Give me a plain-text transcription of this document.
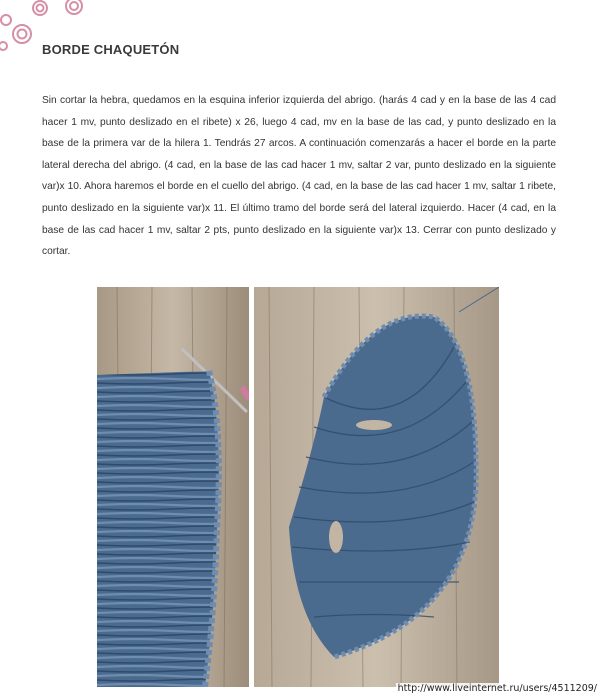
BORDE CHAQUETÓN

Sin cortar la hebra, quedamos en la esquina inferior izquierda del abrigo. (harás 4 cad y en la base de las 4 cad hacer 1 mv, punto deslizado en el ribete) x 26, luego 4 cad, mv en la base de las cad, y punto deslizado en la base de la primera var de la hilera 1. Tendrás 27 arcos. A continuación comenzarás a hacer el borde en la parte lateral derecha del abrigo. (4 cad, en la base de las cad hacer 1 mv, saltar 2 var, punto deslizado en la siguiente var)x 10. Ahora haremos el borde en el cuello del abrigo. (4 cad, en la base de las cad hacer 1 mv, saltar 1 ribete, punto deslizado en la siguiente var)x 11. El último tramo del borde será del lateral izquierdo. Hacer (4 cad, en la base de las cad hacer 1 mv, saltar 2 pts, punto deslizado en la siguiente var)x 13. Cerrar con punto deslizado y cortar.

http://www.liveinternet.ru/users/4511209/
